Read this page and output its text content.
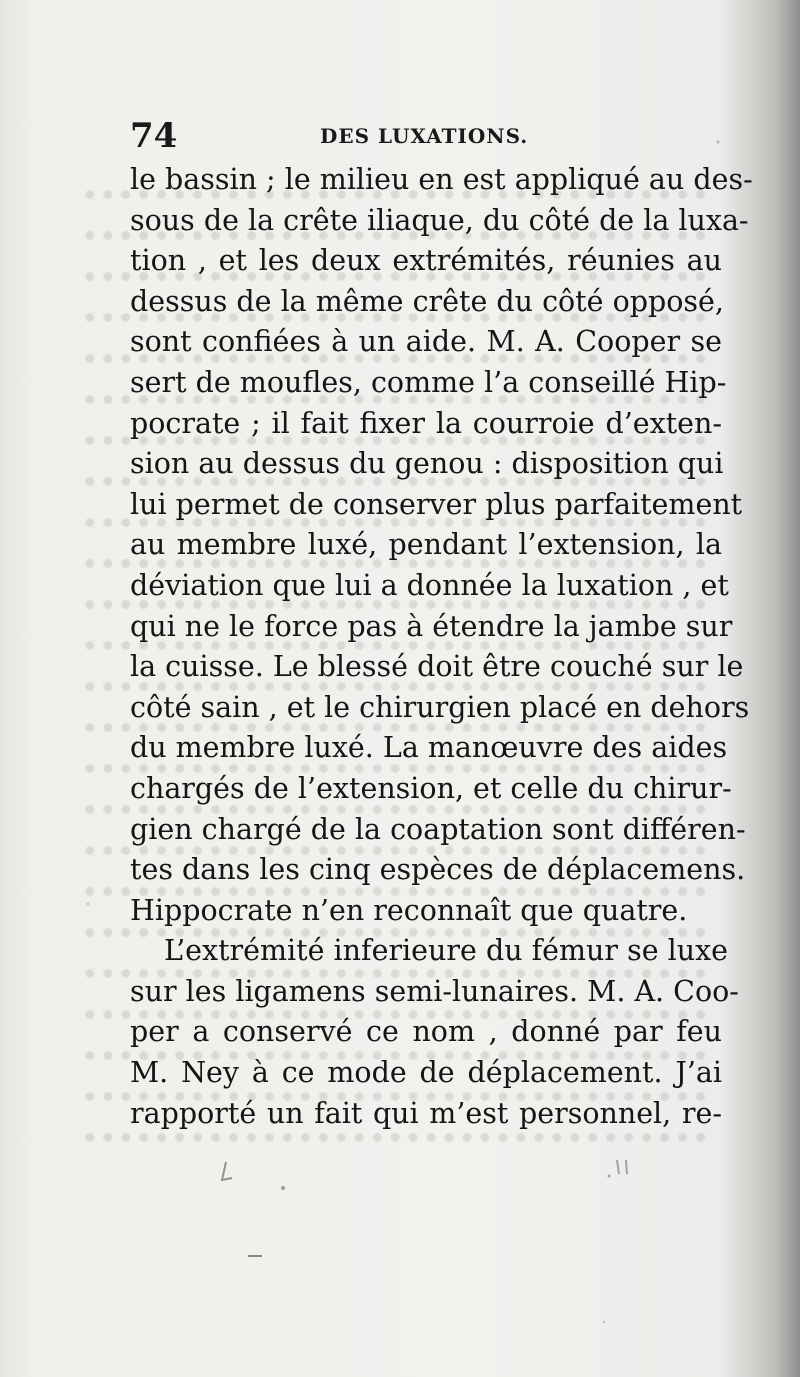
74	DES LUXATIONS.

le bassin ; le milieu en est appliqué au des-
sous de la crête iliaque, du côté de la luxa-
tion , et les deux extrémités, réunies au
dessus de la même crête du côté opposé,
sont confiées à un aide. M. A. Cooper se
sert de moufles, comme l’a conseillé Hip-
pocrate ; il fait fixer la courroie d’exten-
sion au dessus du genou : disposition qui
lui permet de conserver plus parfaitement
au membre luxé, pendant l’extension, la
déviation que lui a donnée la luxation , et
qui ne le force pas à étendre la jambe sur
la cuisse. Le blessé doit être couché sur le
côté sain , et le chirurgien placé en dehors
du membre luxé. La manœuvre des aides
chargés de l’extension, et celle du chirur-
gien chargé de la coaptation sont différen-
tes dans les cinq espèces de déplacemens.
Hippocrate n’en reconnaît que quatre.

L’extrémité inferieure du fémur se luxe
sur les ligamens semi-lunaires. M. A. Coo-
per a conservé ce nom , donné par feu
M. Ney à ce mode de déplacement. J’ai
rapporté un fait qui m’est personnel, re-
